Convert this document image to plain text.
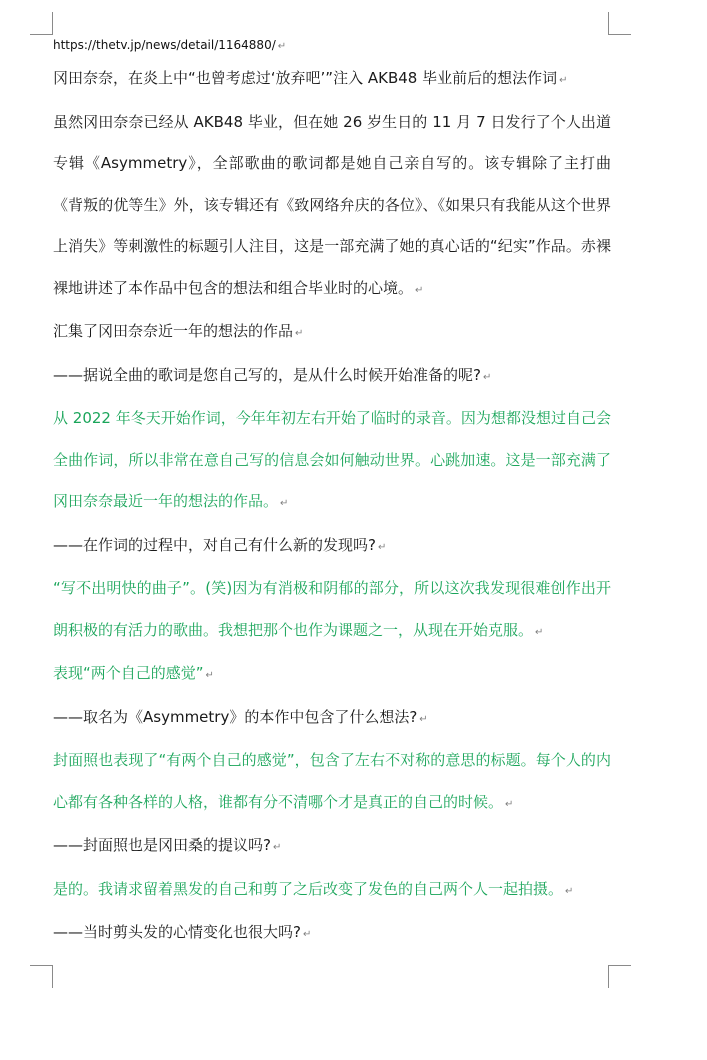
https://thetv.jp/news/detail/1164880/ ↵

冈田奈奈，在炎上中“也曾考虑过‘放弃吧’”注入 AKB48 毕业前后的想法作词 ↵

虽然冈田奈奈已经从 AKB48 毕业，但在她 26 岁生日的 11 月 7 日发行了个人出道专辑《Asymmetry》，全部歌曲的歌词都是她自己亲自写的。该专辑除了主打曲《背叛的优等生》外，该专辑还有《致网络弁庆的各位》、《如果只有我能从这个世界上消失》等刺激性的标题引人注目，这是一部充满了她的真心话的“纪实”作品。赤裸裸地讲述了本作品中包含的想法和组合毕业时的心境。 ↵

汇集了冈田奈奈近一年的想法的作品 ↵

——据说全曲的歌词是您自己写的，是从什么时候开始准备的呢? ↵

从 2022 年冬天开始作词，今年年初左右开始了临时的录音。因为想都没想过自己会全曲作词，所以非常在意自己写的信息会如何触动世界。心跳加速。这是一部充满了冈田奈奈最近一年的想法的作品。 ↵

——在作词的过程中，对自己有什么新的发现吗? ↵

“写不出明快的曲子”。(笑)因为有消极和阴郁的部分，所以这次我发现很难创作出开朗积极的有活力的歌曲。我想把那个也作为课题之一，从现在开始克服。 ↵

表现“两个自己的感觉” ↵

——取名为《Asymmetry》的本作中包含了什么想法? ↵

封面照也表现了“有两个自己的感觉”，包含了左右不对称的意思的标题。每个人的内心都有各种各样的人格，谁都有分不清哪个才是真正的自己的时候。 ↵

——封面照也是冈田桑的提议吗? ↵

是的。我请求留着黑发的自己和剪了之后改变了发色的自己两个人一起拍摄。 ↵

——当时剪头发的心情变化也很大吗? ↵
